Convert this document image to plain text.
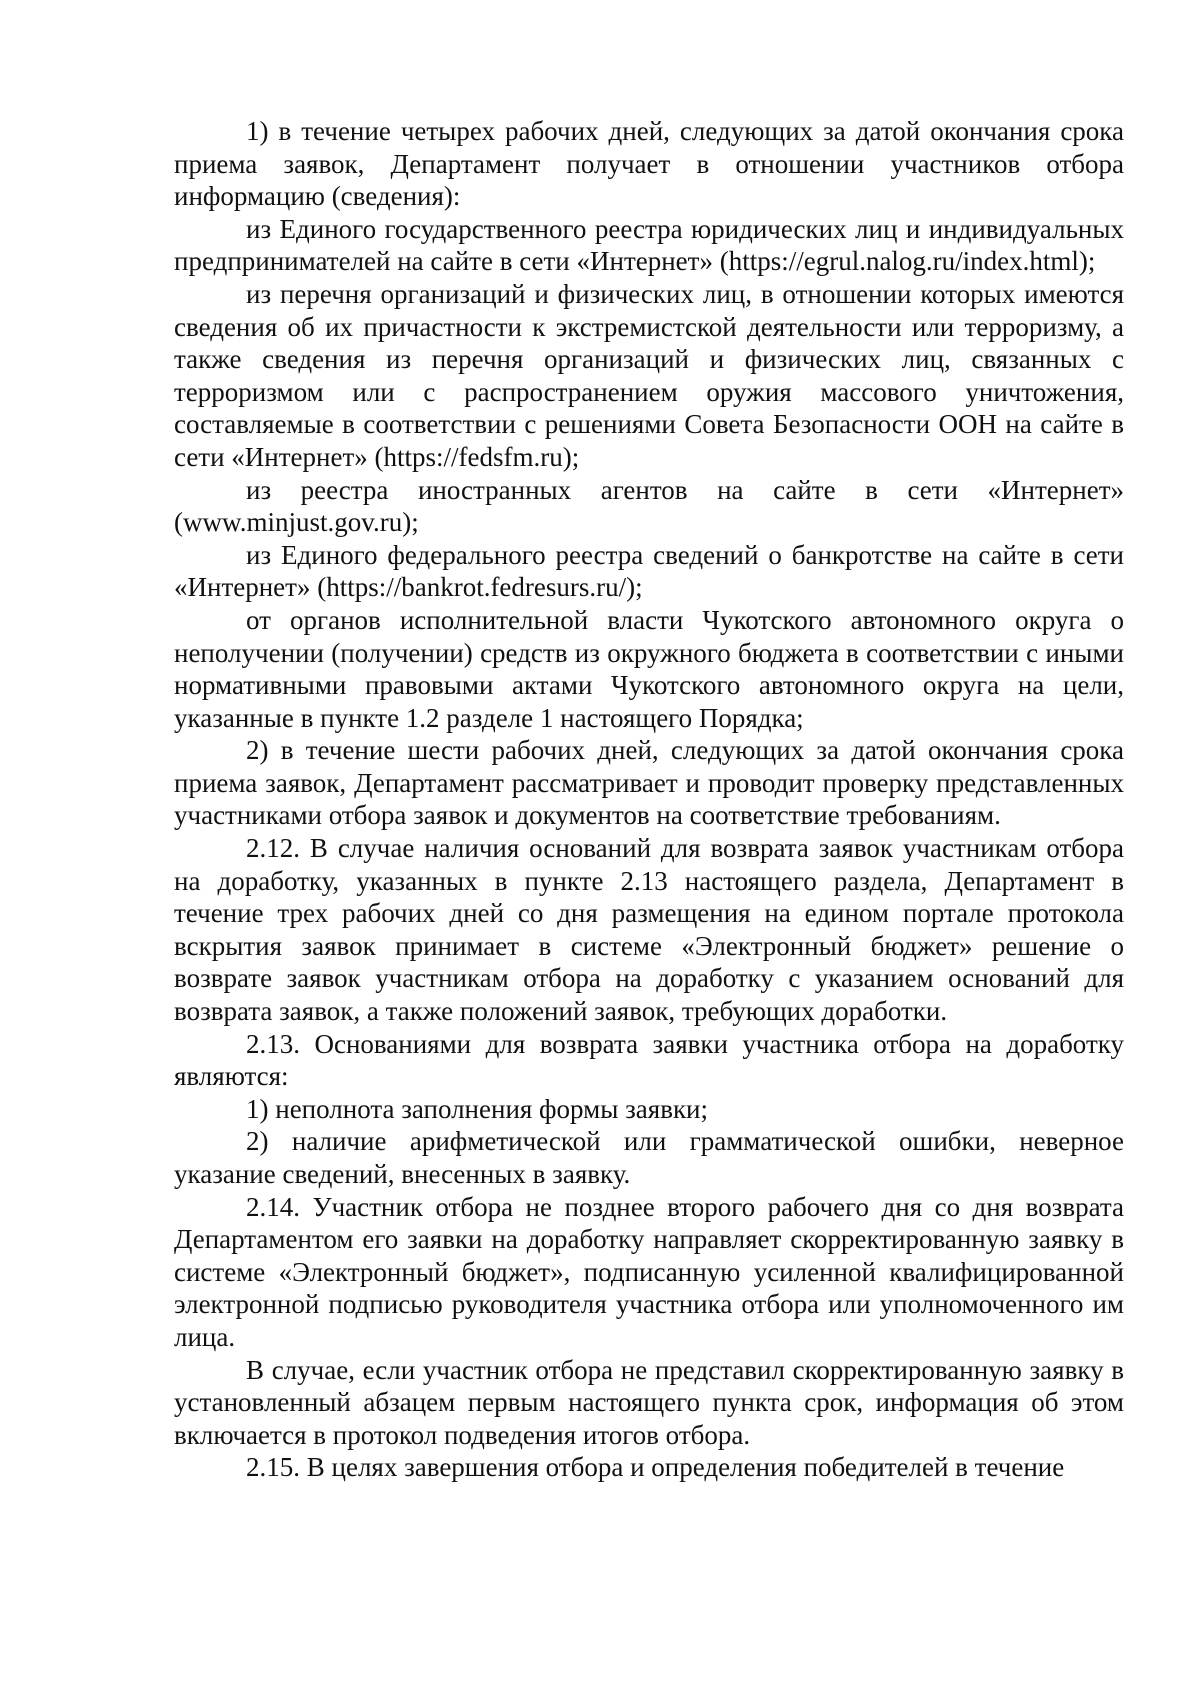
1) в течение четырех рабочих дней, следующих за датой окончания срока приема заявок, Департамент получает в отношении участников отбора информацию (сведения):

из Единого государственного реестра юридических лиц и индивидуальных предпринимателей на сайте в сети «Интернет» (https://egrul.nalog.ru/index.html);

из перечня организаций и физических лиц, в отношении которых имеются сведения об их причастности к экстремистской деятельности или терроризму, а также сведения из перечня организаций и физических лиц, связанных с терроризмом или с распространением оружия массового уничтожения, составляемые в соответствии с решениями Совета Безопасности ООН на сайте в сети «Интернет» (https://fedsfm.ru);

из реестра иностранных агентов на сайте в сети «Интернет» (www.minjust.gov.ru);

из Единого федерального реестра сведений о банкротстве на сайте в сети «Интернет» (https://bankrot.fedresurs.ru/);

от органов исполнительной власти Чукотского автономного округа о неполучении (получении) средств из окружного бюджета в соответствии с иными нормативными правовыми актами Чукотского автономного округа на цели, указанные в пункте 1.2 разделе 1 настоящего Порядка;

2) в течение шести рабочих дней, следующих за датой окончания срока приема заявок, Департамент рассматривает и проводит проверку представленных участниками отбора заявок и документов на соответствие требованиям.

2.12. В случае наличия оснований для возврата заявок участникам отбора на доработку, указанных в пункте 2.13 настоящего раздела, Департамент в течение трех рабочих дней со дня размещения на едином портале протокола вскрытия заявок принимает в системе «Электронный бюджет» решение о возврате заявок участникам отбора на доработку с указанием оснований для возврата заявок, а также положений заявок, требующих доработки.

2.13. Основаниями для возврата заявки участника отбора на доработку являются:

1) неполнота заполнения формы заявки;

2) наличие арифметической или грамматической ошибки, неверное указание сведений, внесенных в заявку.

2.14. Участник отбора не позднее второго рабочего дня со дня возврата Департаментом его заявки на доработку направляет скорректированную заявку в системе «Электронный бюджет», подписанную усиленной квалифицированной электронной подписью руководителя участника отбора или уполномоченного им лица.

В случае, если участник отбора не представил скорректированную заявку в установленный абзацем первым настоящего пункта срок, информация об этом включается в протокол подведения итогов отбора.

2.15. В целях завершения отбора и определения победителей в течение
